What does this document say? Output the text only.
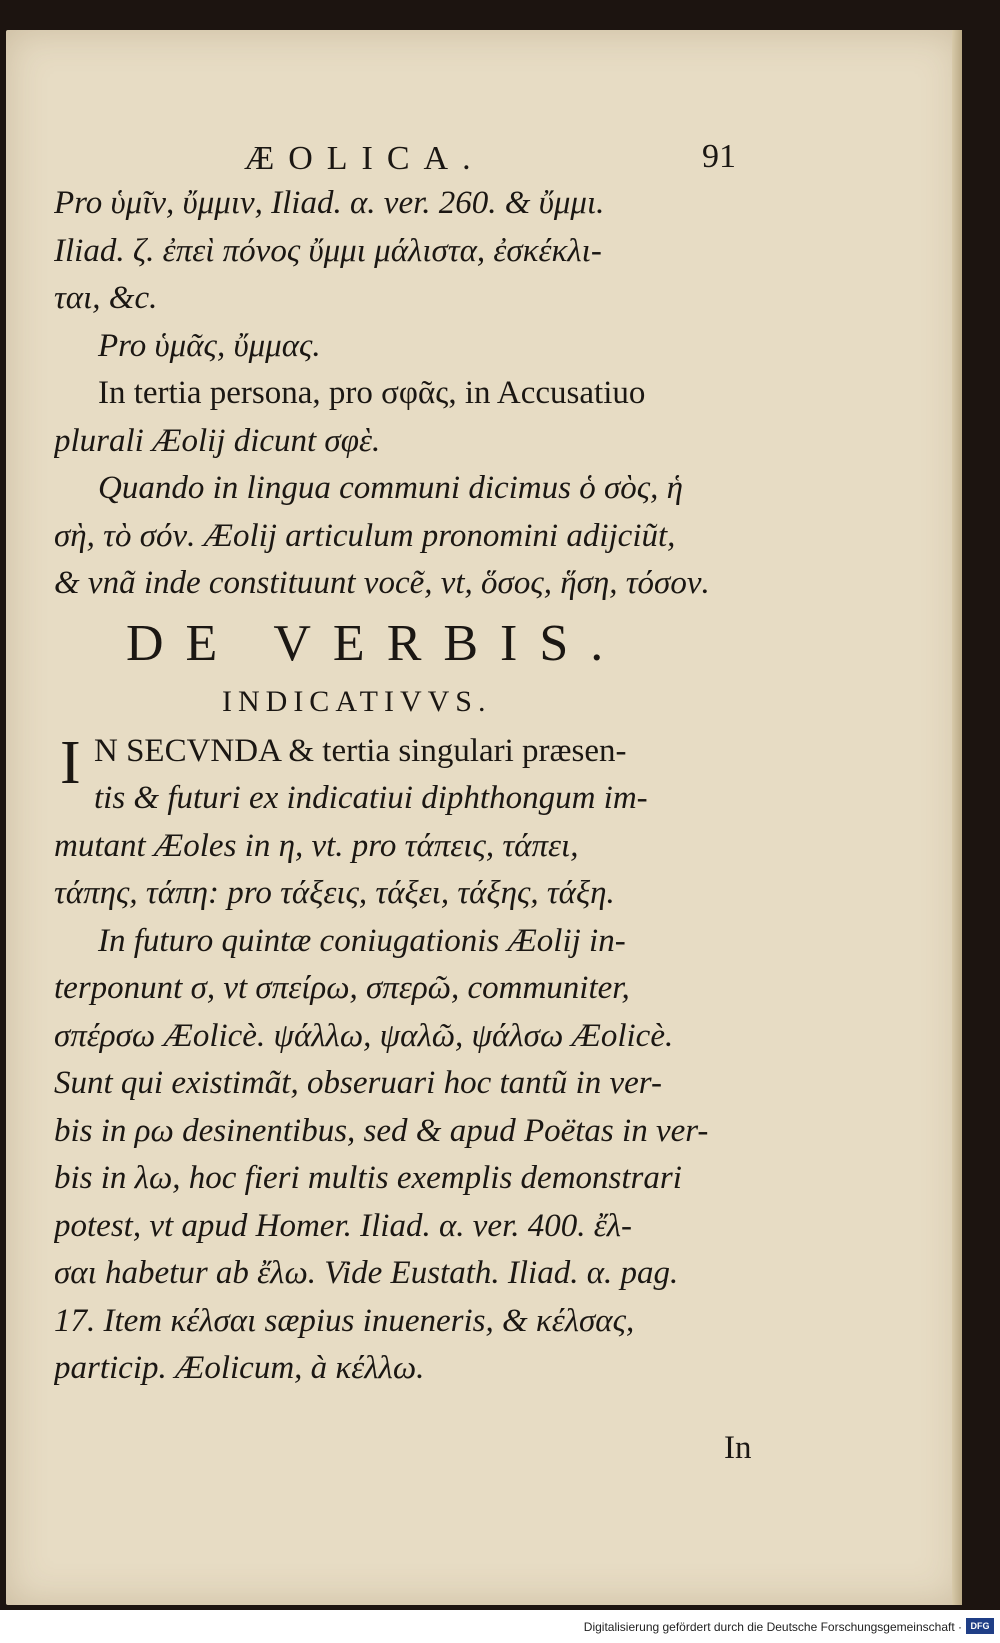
ÆOLICA.	91
Pro ὑμῖν, ὔμμιν, Iliad. α. ver. 260. & ὔμμι.
Iliad. ζ. ἐπεὶ πόνος ὔμμι μάλιστα, ἐσκέκλι-
ται, &c.
Pro ὑμᾶς, ὔμμας.
In tertia persona, pro σφᾶς, in Accusatiuo
plurali Æolij dicunt σφὲ.
Quando in lingua communi dicimus ὁ σὸς, ἡ
σὴ, τὸ σόν. Æolij articulum pronomini adijciũt,
& vnã inde constituunt vocẽ, vt, ὅσος, ἥση, τόσον.
DE VERBIS.
INDICATIVVS.
I N SECVNDA & tertia singulari præsen-
tis & futuri ex indicatiui diphthongum im-
mutant Æoles in η, vt. pro τάπεις, τάπει,
τάπης, τάπη: pro τάξεις, τάξει, τάξης, τάξη.
In futuro quintæ coniugationis Æolij in-
terponunt σ, vt σπείρω, σπερῶ, communiter,
σπέρσω Æolicè. ψάλλω, ψαλῶ, ψάλσω Æolicè.
Sunt qui existimãt, obseruari hoc tantũ in ver-
bis in ρω desinentibus, sed & apud Poëtas in ver-
bis in λω, hoc fieri multis exemplis demonstrari
potest, vt apud Homer. Iliad. α. ver. 400. ἔλ-
σαι habetur ab ἔλω. Vide Eustath. Iliad. α. pag.
17. Item κέλσαι sæpius inueneris, & κέλσας,
particip. Æolicum, à κέλλω.
In
Digitalisierung gefördert durch die Deutsche Forschungsgemeinschaft · DFG
